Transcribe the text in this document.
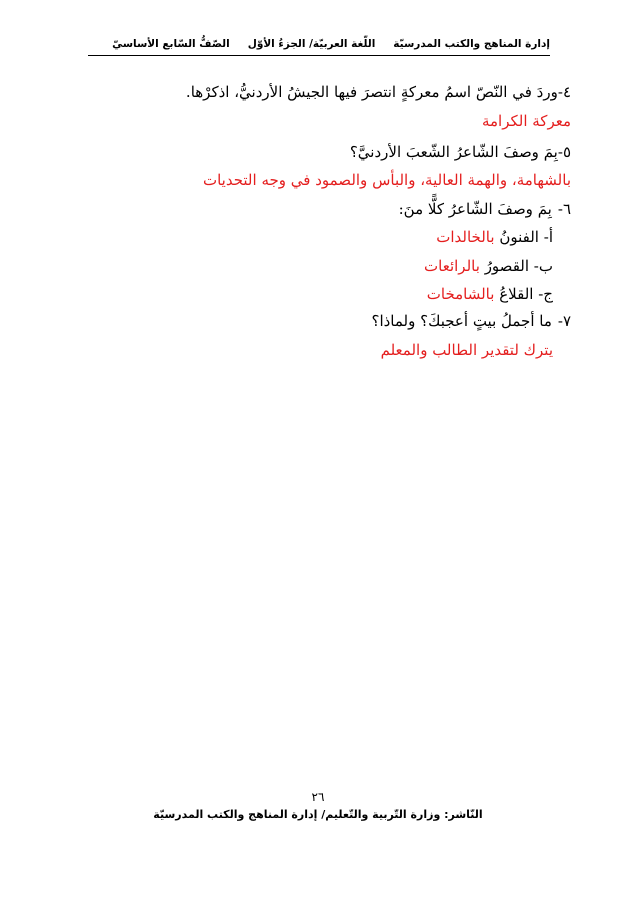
إدارة المناهج والكتب المدرسيّةاللّغة العربيّة/ الجزءُ الأوّلالصّفُّ السّابع الأساسيّ
٤-وردَ في النّصّ اسمُ معركةٍ انتصرَ فيها الجيشُ الأردنيُّ، اذكرْها.
معركة الكرامة
٥-بِمَ وصفَ الشّاعرُ الشّعبَ الأردنيَّ؟
بالشهامة، والهمة العالية، والبأس والصمود في وجه التحديات
٦-بِمَ وصفَ الشّاعرُ كلًّا منَ:
أ- الفنونُ بالخالدات
ب- القصورُ بالرائعات
ج- القلاعُ بالشامخات
٧-ما أجملُ بيتٍ أعجبكَ؟ ولماذا؟
يترك لتقدير الطالب والمعلم
٢٦
النّاشر: وزارة التّربية والتّعليم/ إدارة المناهج والكتب المدرسيّة
